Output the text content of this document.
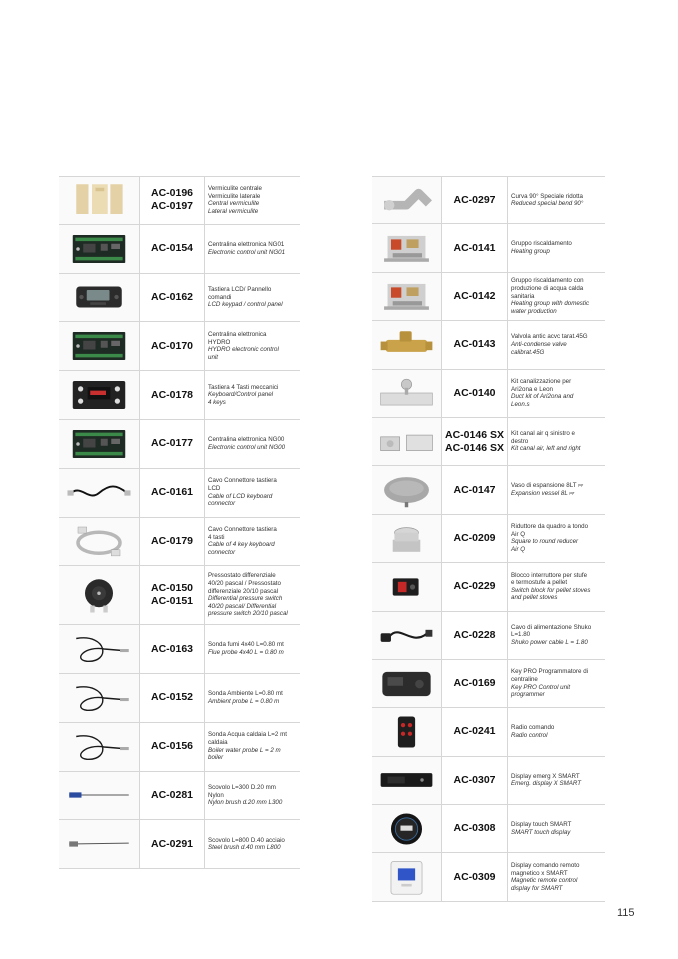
AC-0196
AC-0197
Vermiculite centrale
Vermiculite laterale
Central vermiculite
Lateral vermiculite
AC-0154 Centralina elettronica NG01
Electronic control unit NG01
AC-0162
Tastiera LCD/ Pannello
comandi
LCD keypad / control panel
AC-0170
Centralina elettronica
HYDRO
HYDRO electronic control
unit
AC-0178
Tastiera 4 Tasti meccanici
Keyboard/Control panel
4 keys
AC-0177 Centralina elettronica NG00
Electronic control unit NG00
AC-0161
Cavo Connettore tastiera
LCD
Cable of LCD keyboard
connector
AC-0179
Cavo Connettore tastiera
4 tasti
Cable of 4 key keyboard
connector
AC-0150
AC-0151
Pressostato differenziale
40/20 pascal / Pressostato
differenziale 20/10 pascal
Differential pressure switch
40/20 pascal/ Differential
pressure switch 20/10 pascal
AC-0163 Sonda fumi 4x40 L=0.80 mt
Flue probe 4x40 L = 0.80 m
AC-0152 Sonda Ambiente L=0.80 mt
Ambient probe L = 0.80 m
AC-0156
Sonda Acqua caldaia L=2 mt
caldaia
Boiler water probe L = 2 m
boiler
AC-0281
Scovolo L=300 D.20 mm
Nylon
Nylon brush d.20 mm L300
AC-0291 Scovolo L=800 D.40 acciaio
Steel brush d.40 mm L800
AC-0297 Curva 90° Speciale ridotta
Reduced special bend 90°
AC-0141 Gruppo riscaldamento
Heating group
AC-0142
Gruppo riscaldamento con
produzione di acqua calda
sanitaria
Heating group with domestic
water production
AC-0143
Valvola antic acvc tarat.45G
Anti-condense valve
calibrat.45G
AC-0140
Kit canalizzazione per
Ari2ona e Leon
Duct kit of Ari2ona and
Leon.s
AC-0146 SX
AC-0146 SX
Kit canal air q sinistro e
destro
Kit canal air, left and right
AC-0147 Vaso di espansione 8LT $^{pqr}$
Expansion vessel 8L $^{pqr}$
AC-0209
Riduttore da quadro a tondo
Air Q
Square to round reducer
Air Q
AC-0229
Blocco interruttore per stufe
e termostufe a pellet
Switch block for pellet stoves
and pellet stoves
AC-0228
Cavo di alimentazione Shuko
L=1.80
Shuko power cable L = 1.80
AC-0169
Key PRO Programmatore di
centraline
Key PRO Control unit
programmer
AC-0241 Radio comando
Radio control
AC-0307 Display emerg X SMART
Emerg. display X SMART
AC-0308 Display touch SMART
SMART touch display
AC-0309
Display comando remoto
magnetico x SMART
Magnetic remote control
display for SMART
115
